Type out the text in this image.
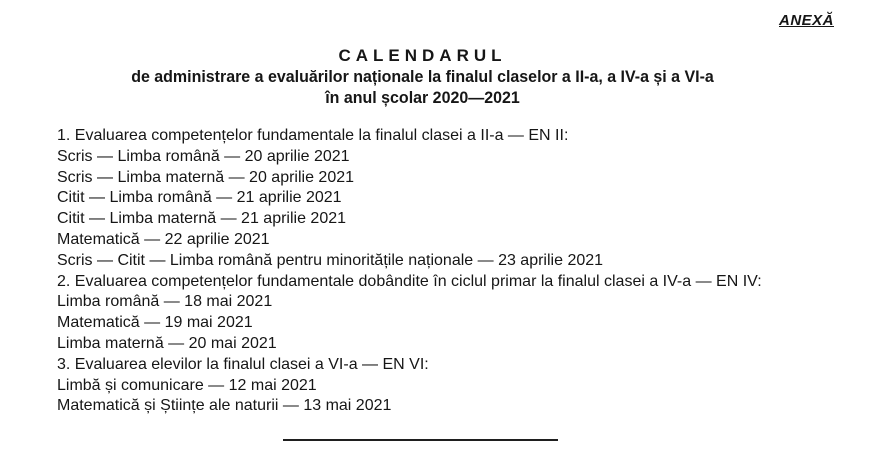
ANEXĂ
CALENDARUL
de administrare a evaluărilor naționale la finalul claselor a II-a, a IV-a și a VI-a
în anul școlar 2020—2021
1. Evaluarea competențelor fundamentale la finalul clasei a II-a — EN II:
Scris — Limba română — 20 aprilie 2021
Scris — Limba maternă — 20 aprilie 2021
Citit — Limba română — 21 aprilie 2021
Citit — Limba maternă — 21 aprilie 2021
Matematică — 22 aprilie 2021
Scris — Citit — Limba română pentru minoritățile naționale — 23 aprilie 2021
2. Evaluarea competențelor fundamentale dobândite în ciclul primar la finalul clasei a IV-a — EN IV:
Limba română — 18 mai 2021
Matematică — 19 mai 2021
Limba maternă — 20 mai 2021
3. Evaluarea elevilor la finalul clasei a VI-a — EN VI:
Limbă și comunicare — 12 mai 2021
Matematică și Științe ale naturii — 13 mai 2021
